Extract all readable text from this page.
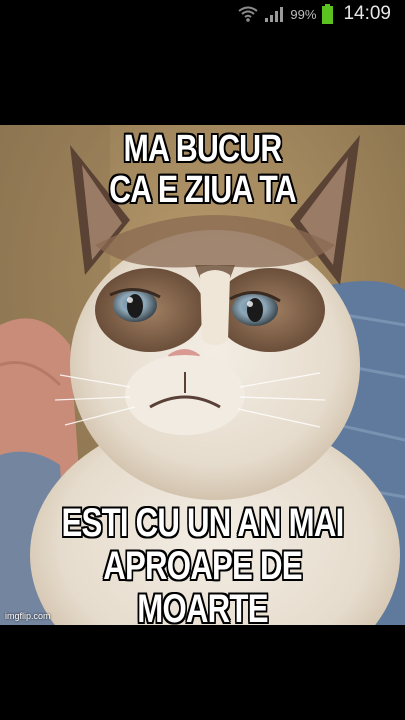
99% 14:09
MA BUCUR
CA E ZIUA TA
ESTI CU UN AN MAI
APROAPE DE MOARTE
imgflip.com
